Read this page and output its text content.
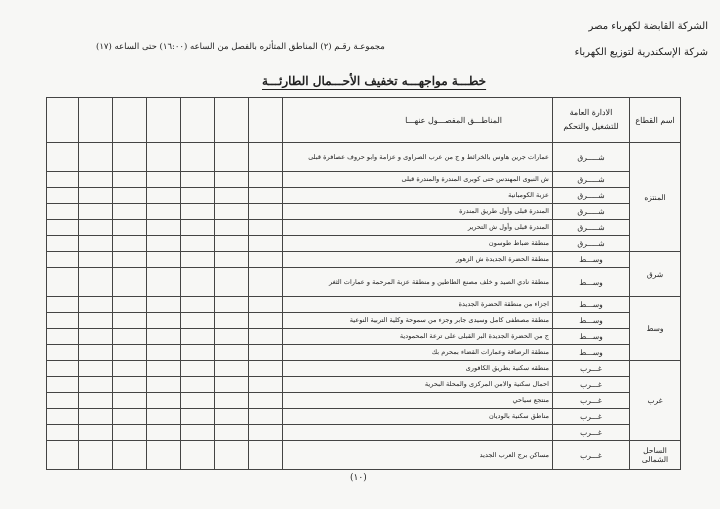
الشركة القابضة لكهرباء مصر
شركة الإسكندرية لتوزيع الكهرباء
مجموعـة رقـم (٢) المناطق المتأثره بالفصل من الساعه (١٦:٠٠) حتى الساعه (١٧)
خطـــة مواجهـــه تخفيف الأحـــمال الطارئـــة
اسم القطاع	الادارة العامة للتشغيل والتحكم	المناطـــق المفصـــول عنهـــا							
المنتزه	شـــــرق	عمارات جرين هاوس بالخرائط و ج من عرب الصراوى و عزامة وابو حروف عصافرة قبلى							
	شـــــرق	ش النبوى المهندس حتى كوبرى المندرة والمندرة قبلى							
	شـــــرق	عزبة الكومبانية							
	شـــــرق	المندرة قبلى وأول طريق المندرة							
	شـــــرق	المندرة قبلى وأول ش التحرير							
	شـــــرق	منطقة ضباط طوسون							
شرق	وســـط	منطقة الحضرة الجديدة ش الزهور							
	وســـط	منطقة نادي الصيد و خلف مصنع الطاطين و منطقة عزبة المرحمة و عمارات الثغر							
وسط	وســـط	اجزاء من منطقة الحضرة الجديدة							
	وســـط	منطقة مصطفى كامل وسيدى جابر وجزء من سموحة وكلية التربية النوعية							
	وســـط	ج من الحضرة الجديدة البر القبلى على ترعة المحمودية							
	وســـط	منطقة الرصافة وعمارات القضاء بمحرم بك							
غرب	غـــرب	منطقه سكنية بطريق الكافورى							
	غـــرب	احمال سكنية والامن المركزى والمحلة البحرية							
	غـــرب	منتجع سياحي							
	غـــرب	مناطق سكنية بالوديان							
	غـــرب								
الساحل الشمالى	غـــرب	مساكن برج العرب الجديد							
(١٠)
